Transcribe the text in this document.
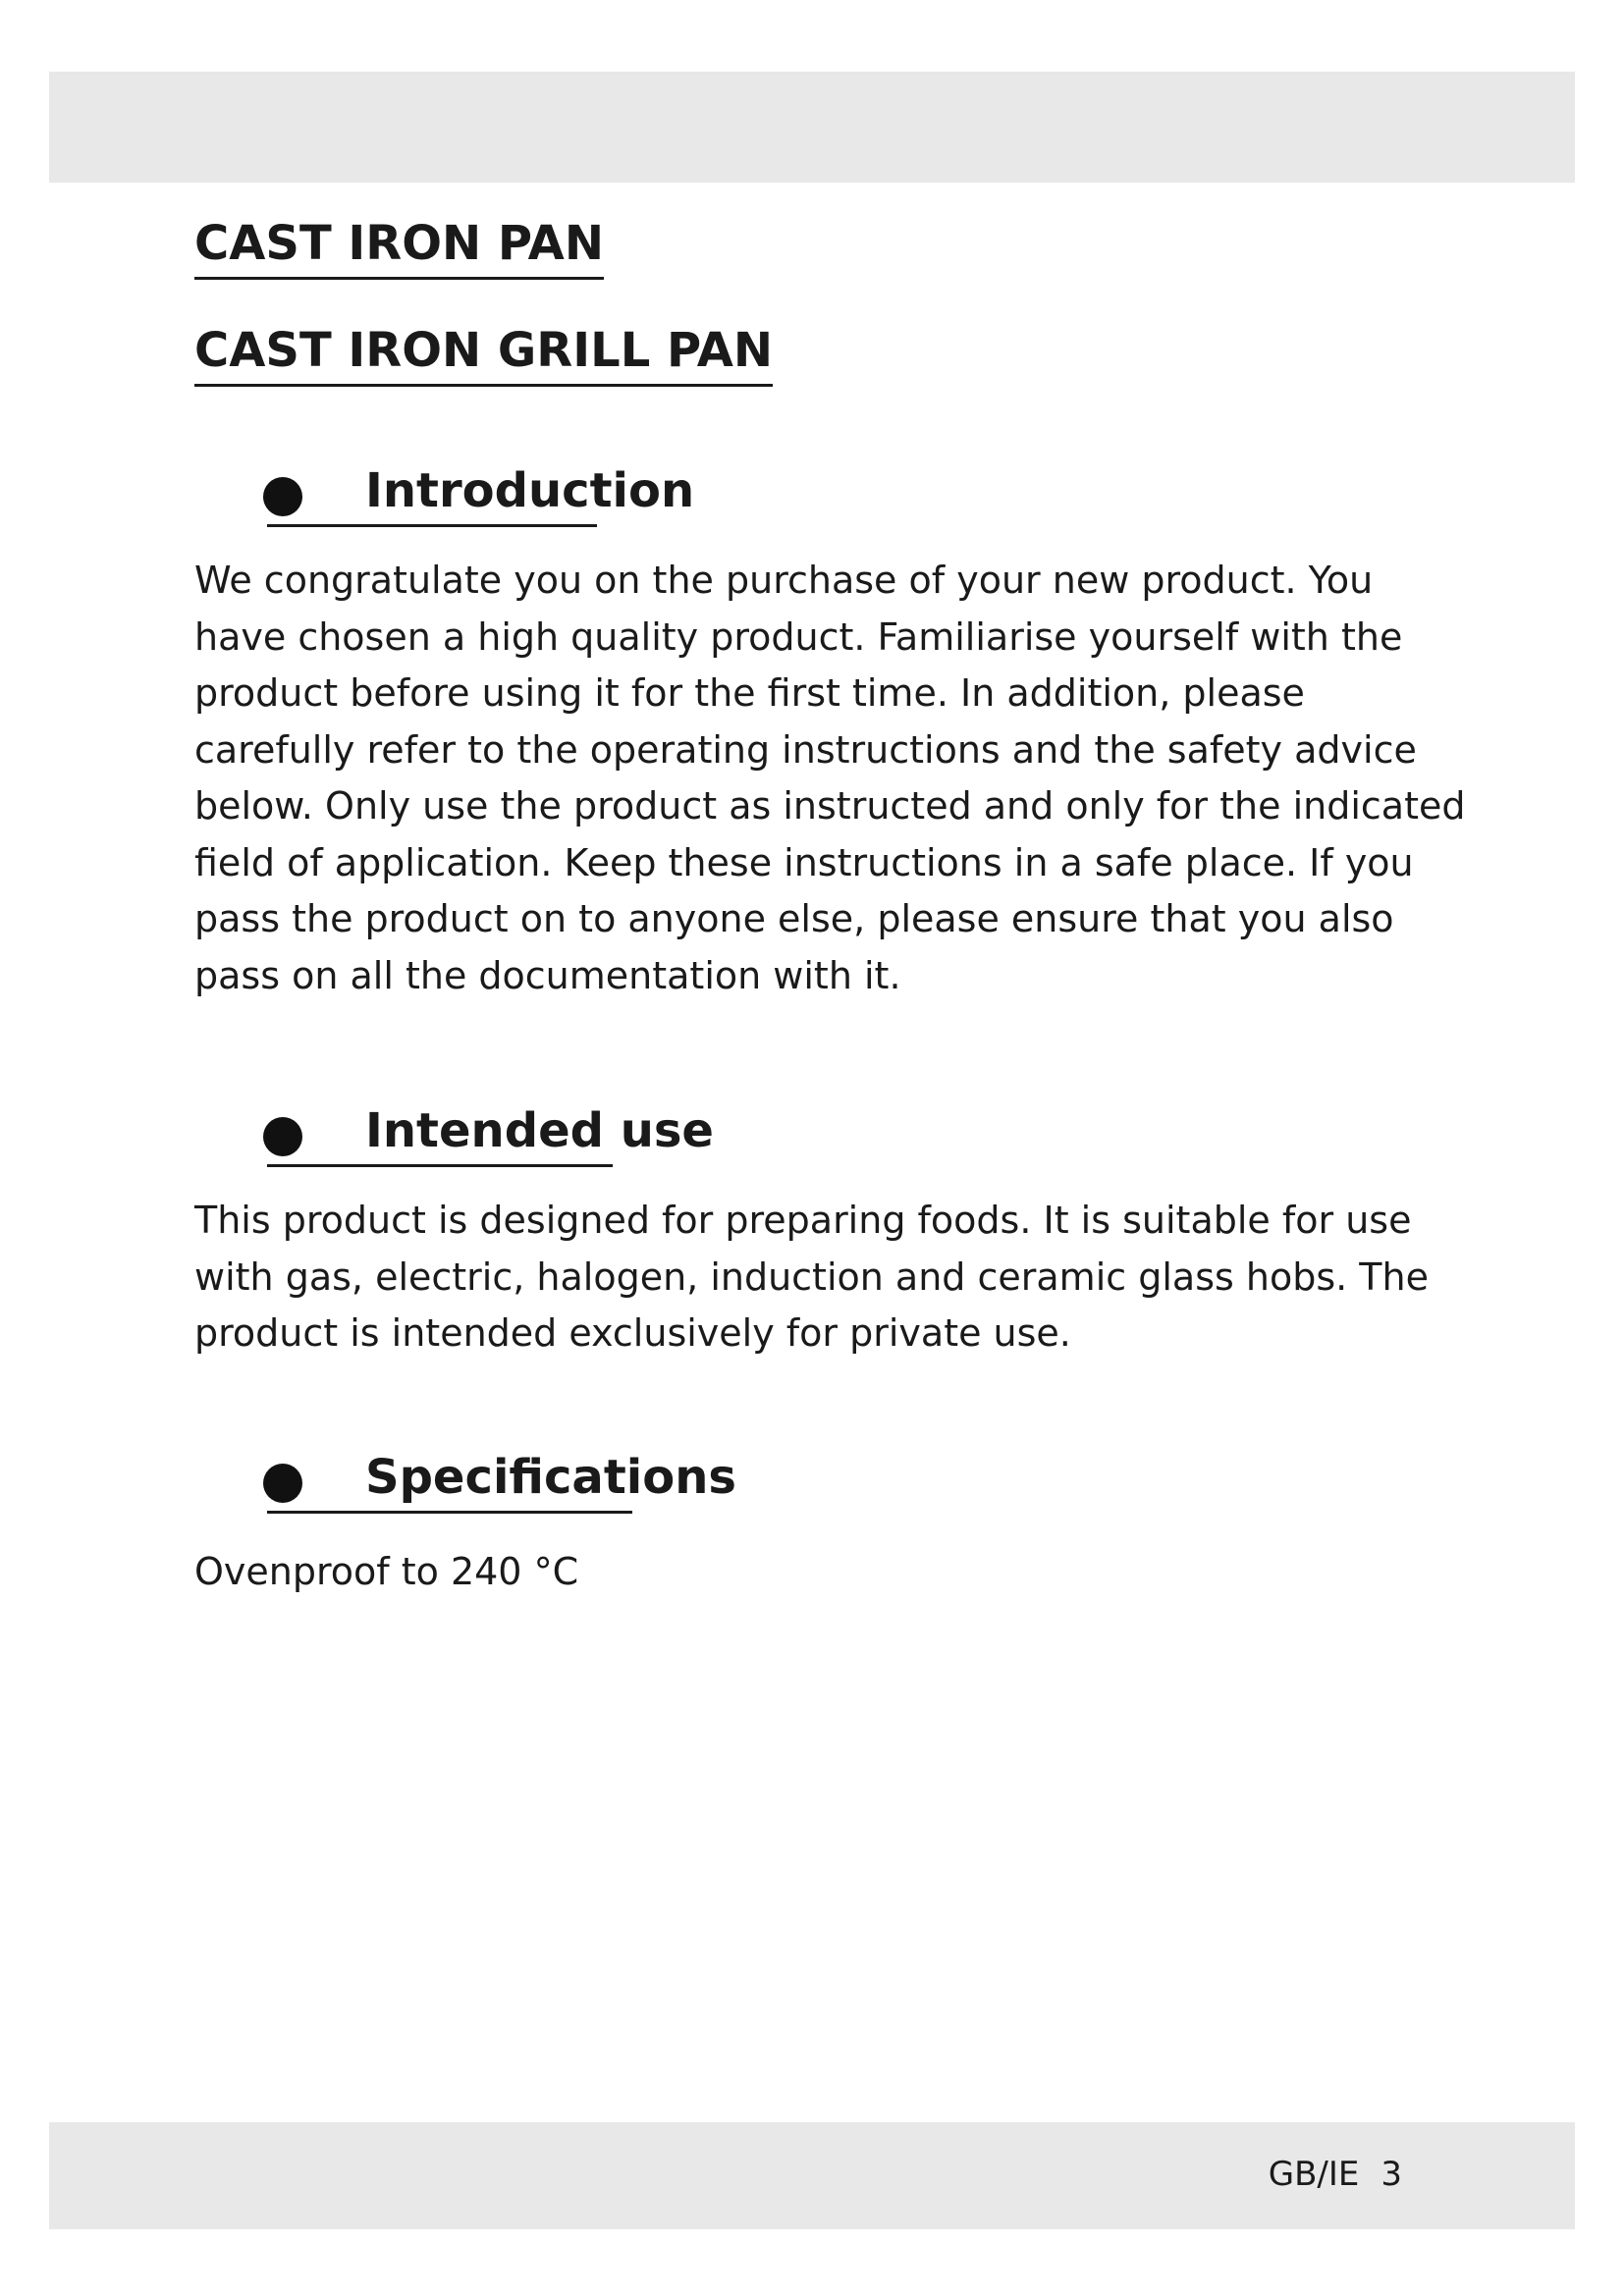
CAST IRON PAN
CAST IRON GRILL PAN
Introduction

We congratulate you on the purchase of your new product. You have chosen a high quality product. Familiarise yourself with the product before using it for the first time. In addition, please carefully refer to the operating instructions and the safety advice below. Only use the product as instructed and only for the indicated field of application. Keep these instructions in a safe place. If you pass the product on to anyone else, please ensure that you also pass on all the documentation with it.

Intended use

This product is designed for preparing foods. It is suitable for use with gas, electric, halogen, induction and ceramic glass hobs. The product is intended exclusively for private use.

Specifications

Ovenproof to 240 °C

GB/IE 3
